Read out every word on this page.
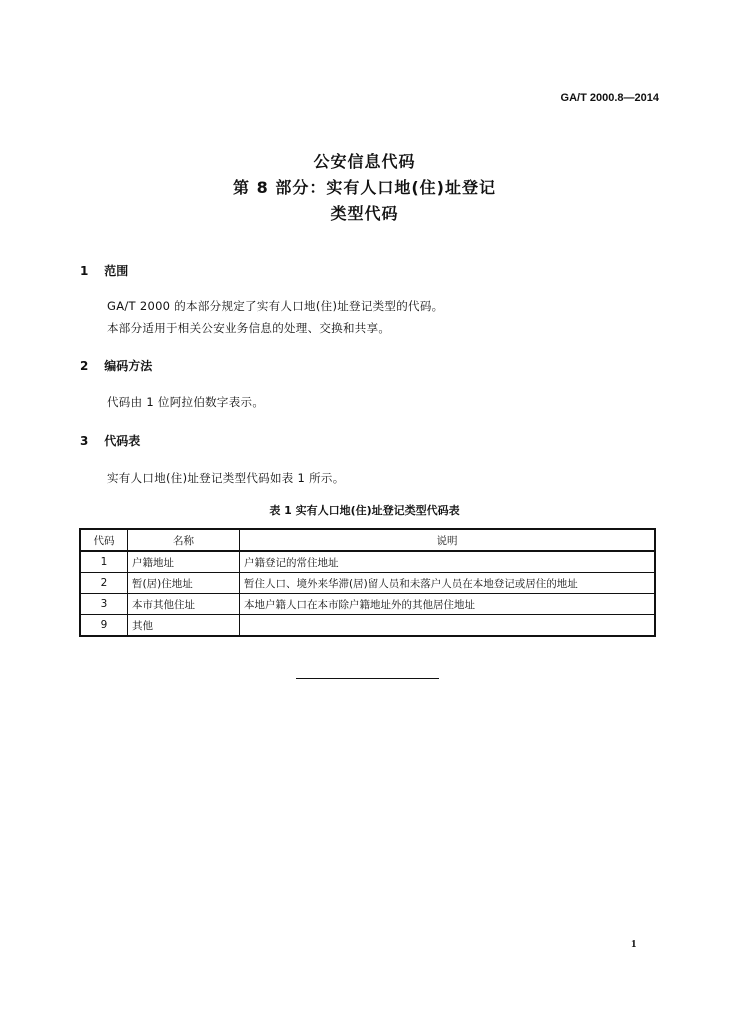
GA/T 2000.8—2014
公安信息代码
第 8 部分：实有人口地(住)址登记
类型代码
1 范围
GA/T 2000 的本部分规定了实有人口地(住)址登记类型的代码。
本部分适用于相关公安业务信息的处理、交换和共享。
2 编码方法
代码由 1 位阿拉伯数字表示。
3 代码表
实有人口地(住)址登记类型代码如表 1 所示。
表 1 实有人口地(住)址登记类型代码表
代码	名称	说明
1	户籍地址	户籍登记的常住地址
2	暂(居)住地址	暂住人口、境外来华滞(居)留人员和未落户人员在本地登记或居住的地址
3	本市其他住址	本地户籍人口在本市除户籍地址外的其他居住地址
9	其他	
1
